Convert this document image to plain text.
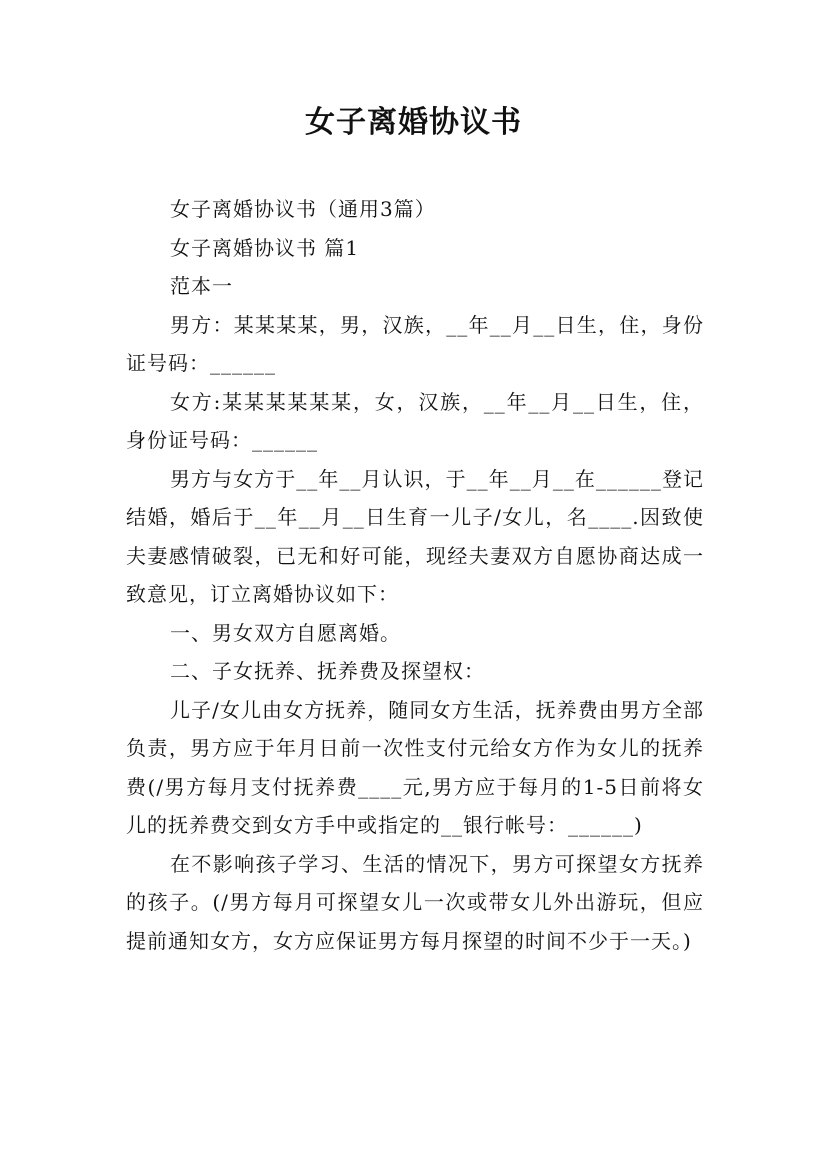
女子离婚协议书

女子离婚协议书（通用3篇）

女子离婚协议书 篇1

范本一

男方：某某某某，男，汉族，__年__月__日生，住，身份证号码：______

女方:某某某某某某，女，汉族，__年__月__日生，住，身份证号码：______

男方与女方于__年__月认识，于__年__月__在______登记结婚，婚后于__年__月__日生育一儿子/女儿，名____.因致使夫妻感情破裂，已无和好可能，现经夫妻双方自愿协商达成一致意见，订立离婚协议如下：

一、男女双方自愿离婚。

二、子女抚养、抚养费及探望权：

儿子/女儿由女方抚养，随同女方生活，抚养费由男方全部负责，男方应于年月日前一次性支付元给女方作为女儿的抚养费(/男方每月支付抚养费____元,男方应于每月的1-5日前将女儿的抚养费交到女方手中或指定的__银行帐号：______)

在不影响孩子学习、生活的情况下，男方可探望女方抚养的孩子。(/男方每月可探望女儿一次或带女儿外出游玩，但应提前通知女方，女方应保证男方每月探望的时间不少于一天。)
